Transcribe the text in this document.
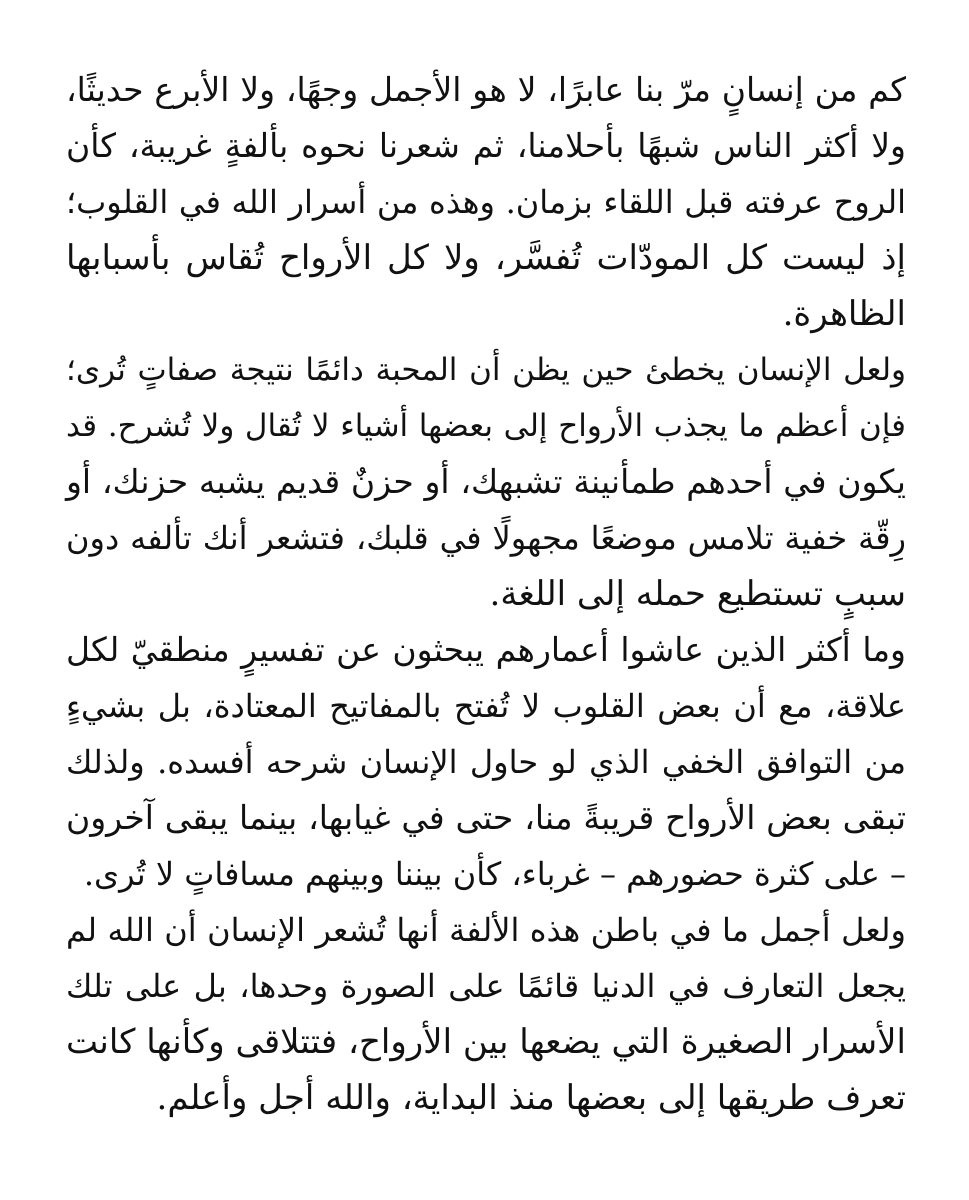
كم من إنسانٍ مرّ بنا عابرًا، لا هو الأجمل وجهًا، ولا الأبرع حديثًا،
ولا أكثر الناس شبهًا بأحلامنا، ثم شعرنا نحوه بألفةٍ غريبة، كأن
الروح عرفته قبل اللقاء بزمان. وهذه من أسرار الله في القلوب؛
إذ ليست كل المودّات تُفسَّر، ولا كل الأرواح تُقاس بأسبابها
الظاهرة.
ولعل الإنسان يخطئ حين يظن أن المحبة دائمًا نتيجة صفاتٍ تُرى؛
فإن أعظم ما يجذب الأرواح إلى بعضها أشياء لا تُقال ولا تُشرح. قد
يكون في أحدهم طمأنينة تشبهك، أو حزنٌ قديم يشبه حزنك، أو
رِقّة خفية تلامس موضعًا مجهولًا في قلبك، فتشعر أنك تألفه دون
سببٍ تستطيع حمله إلى اللغة.
وما أكثر الذين عاشوا أعمارهم يبحثون عن تفسيرٍ منطقيّ لكل
علاقة، مع أن بعض القلوب لا تُفتح بالمفاتيح المعتادة، بل بشيءٍ
من التوافق الخفي الذي لو حاول الإنسان شرحه أفسده. ولذلك
تبقى بعض الأرواح قريبةً منا، حتى في غيابها، بينما يبقى آخرون
– على كثرة حضورهم – غرباء، كأن بيننا وبينهم مسافاتٍ لا تُرى.
ولعل أجمل ما في باطن هذه الألفة أنها تُشعر الإنسان أن الله لم
يجعل التعارف في الدنيا قائمًا على الصورة وحدها، بل على تلك
الأسرار الصغيرة التي يضعها بين الأرواح، فتتلاقى وكأنها كانت
تعرف طريقها إلى بعضها منذ البداية، والله أجل وأعلم.
